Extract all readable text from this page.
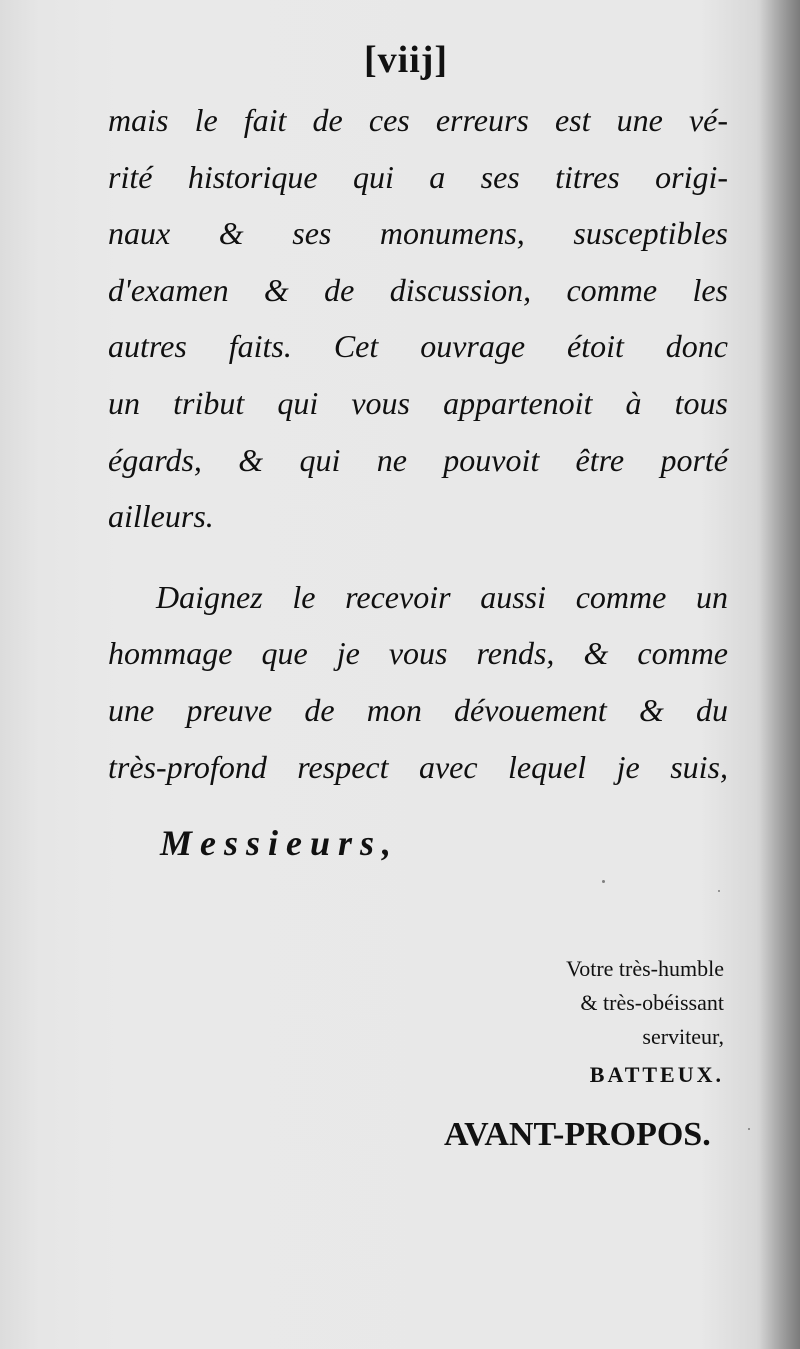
[viij]
mais le fait de ces erreurs est une vé-
rité historique qui a ses titres origi-
naux & ses monumens, susceptibles
d'examen & de discussion, comme les
autres faits. Cet ouvrage étoit donc
un tribut qui vous appartenoit à tous
égards, & qui ne pouvoit être porté
ailleurs.
Daignez le recevoir aussi comme un
hommage que je vous rends, & comme
une preuve de mon dévouement & du
très-profond respect avec lequel je suis,
Messieurs,
Votre très-humble
& très-obéissant
serviteur,
BATTEUX.
AVANT-PROPOS.
